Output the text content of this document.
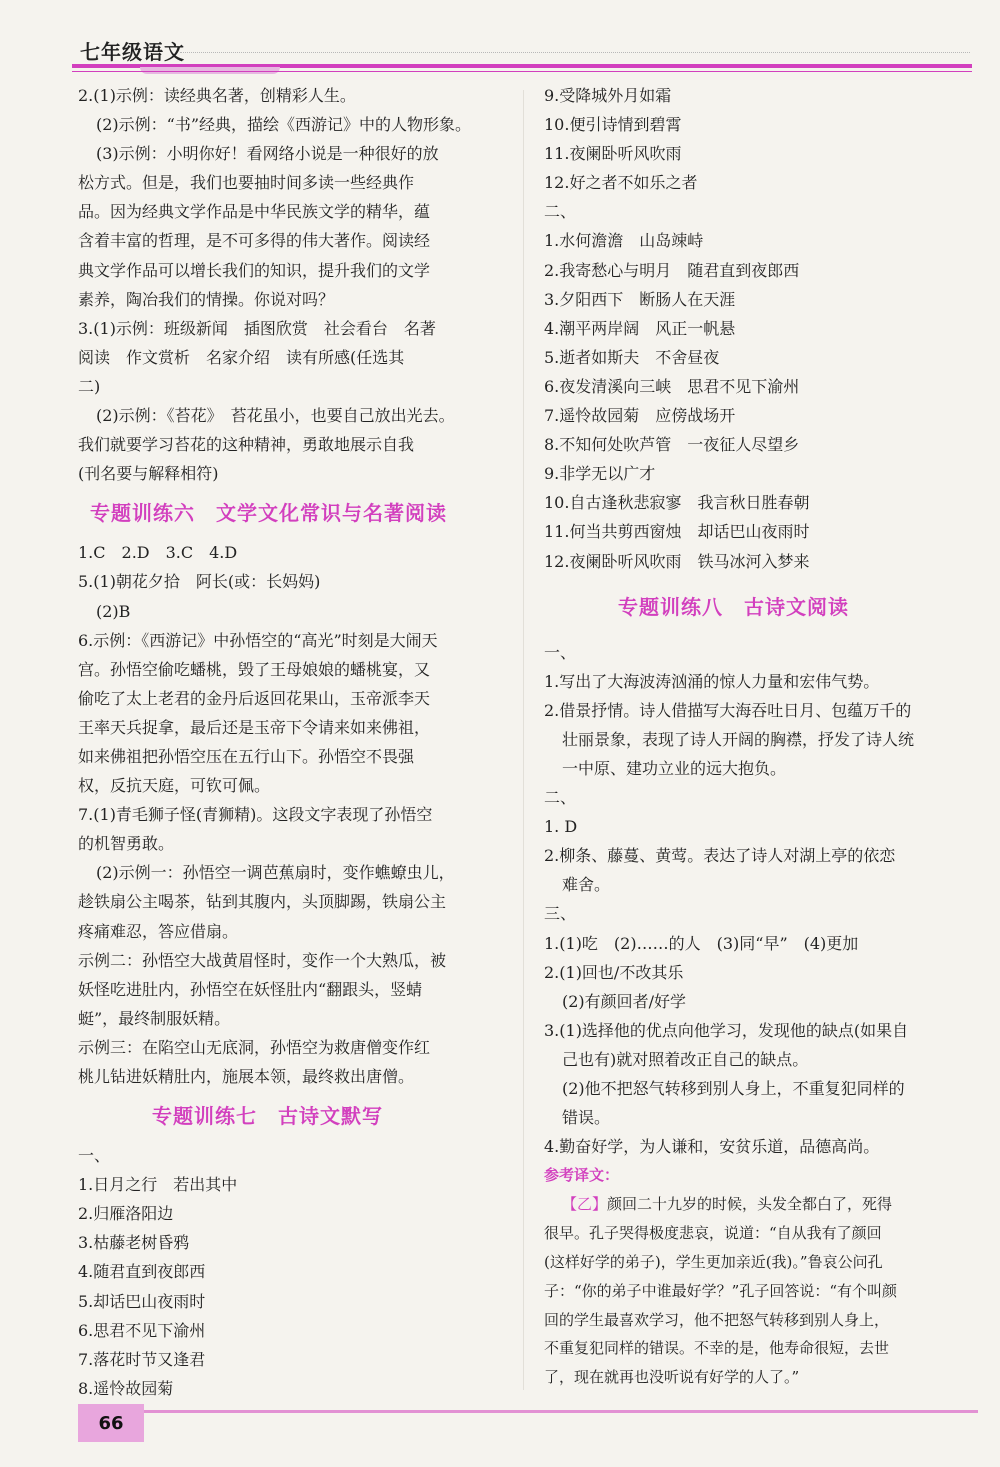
七年级语文
2.(1)示例：读经典名著，创精彩人生。
(2)示例：“书”经典，描绘《西游记》中的人物形象。
(3)示例：小明你好！看网络小说是一种很好的放
松方式。但是，我们也要抽时间多读一些经典作
品。因为经典文学作品是中华民族文学的精华，蕴
含着丰富的哲理，是不可多得的伟大著作。阅读经
典文学作品可以增长我们的知识，提升我们的文学
素养，陶冶我们的情操。你说对吗？
3.(1)示例：班级新闻　插图欣赏　社会看台　名著
阅读　作文赏析　名家介绍　读有所感(任选其
二)
(2)示例：《苔花》　苔花虽小，也要自己放出光去。
我们就要学习苔花的这种精神，勇敢地展示自我
(刊名要与解释相符)
专题训练六　文学文化常识与名著阅读
1.C　2.D　3.C　4.D
5.(1)朝花夕拾　阿长(或：长妈妈)
(2)B
6.示例：《西游记》中孙悟空的“高光”时刻是大闹天
宫。孙悟空偷吃蟠桃，毁了王母娘娘的蟠桃宴，又
偷吃了太上老君的金丹后返回花果山，玉帝派李天
王率天兵捉拿，最后还是玉帝下令请来如来佛祖，
如来佛祖把孙悟空压在五行山下。孙悟空不畏强
权，反抗天庭，可钦可佩。
7.(1)青毛狮子怪(青狮精)。这段文字表现了孙悟空
的机智勇敢。
(2)示例一：孙悟空一调芭蕉扇时，变作蟭蟟虫儿，
趁铁扇公主喝茶，钻到其腹内，头顶脚踢，铁扇公主
疼痛难忍，答应借扇。
示例二：孙悟空大战黄眉怪时，变作一个大熟瓜，被
妖怪吃进肚内，孙悟空在妖怪肚内“翻跟头，竖蜻
蜓”，最终制服妖精。
示例三：在陷空山无底洞，孙悟空为救唐僧变作红
桃儿钻进妖精肚内，施展本领，最终救出唐僧。
专题训练七　古诗文默写
一、
1.日月之行　若出其中
2.归雁洛阳边
3.枯藤老树昏鸦
4.随君直到夜郎西
5.却话巴山夜雨时
6.思君不见下渝州
7.落花时节又逢君
8.遥怜故园菊
9.受降城外月如霜
10.便引诗情到碧霄
11.夜阑卧听风吹雨
12.好之者不如乐之者
二、
1.水何澹澹　山岛竦峙
2.我寄愁心与明月　随君直到夜郎西
3.夕阳西下　断肠人在天涯
4.潮平两岸阔　风正一帆悬
5.逝者如斯夫　不舍昼夜
6.夜发清溪向三峡　思君不见下渝州
7.遥怜故园菊　应傍战场开
8.不知何处吹芦管　一夜征人尽望乡
9.非学无以广才
10.自古逢秋悲寂寥　我言秋日胜春朝
11.何当共剪西窗烛　却话巴山夜雨时
12.夜阑卧听风吹雨　铁马冰河入梦来
专题训练八　古诗文阅读
一、
1.写出了大海波涛汹涌的惊人力量和宏伟气势。
2.借景抒情。诗人借描写大海吞吐日月、包蕴万千的
壮丽景象，表现了诗人开阔的胸襟，抒发了诗人统
一中原、建功立业的远大抱负。
二、
1. D
2.柳条、藤蔓、黄莺。表达了诗人对湖上亭的依恋
难舍。
三、
1.(1)吃　(2)……的人　(3)同“早”　(4)更加
2.(1)回也/不改其乐
(2)有颜回者/好学
3.(1)选择他的优点向他学习，发现他的缺点(如果自
己也有)就对照着改正自己的缺点。
(2)他不把怒气转移到别人身上，不重复犯同样的
错误。
4.勤奋好学，为人谦和，安贫乐道，品德高尚。
参考译文：
【乙】颜回二十九岁的时候，头发全都白了，死得
很早。孔子哭得极度悲哀，说道：“自从我有了颜回
(这样好学的弟子)，学生更加亲近(我)。”鲁哀公问孔
子：“你的弟子中谁最好学？”孔子回答说：“有个叫颜
回的学生最喜欢学习，他不把怒气转移到别人身上，
不重复犯同样的错误。不幸的是，他寿命很短，去世
了，现在就再也没听说有好学的人了。”
66
